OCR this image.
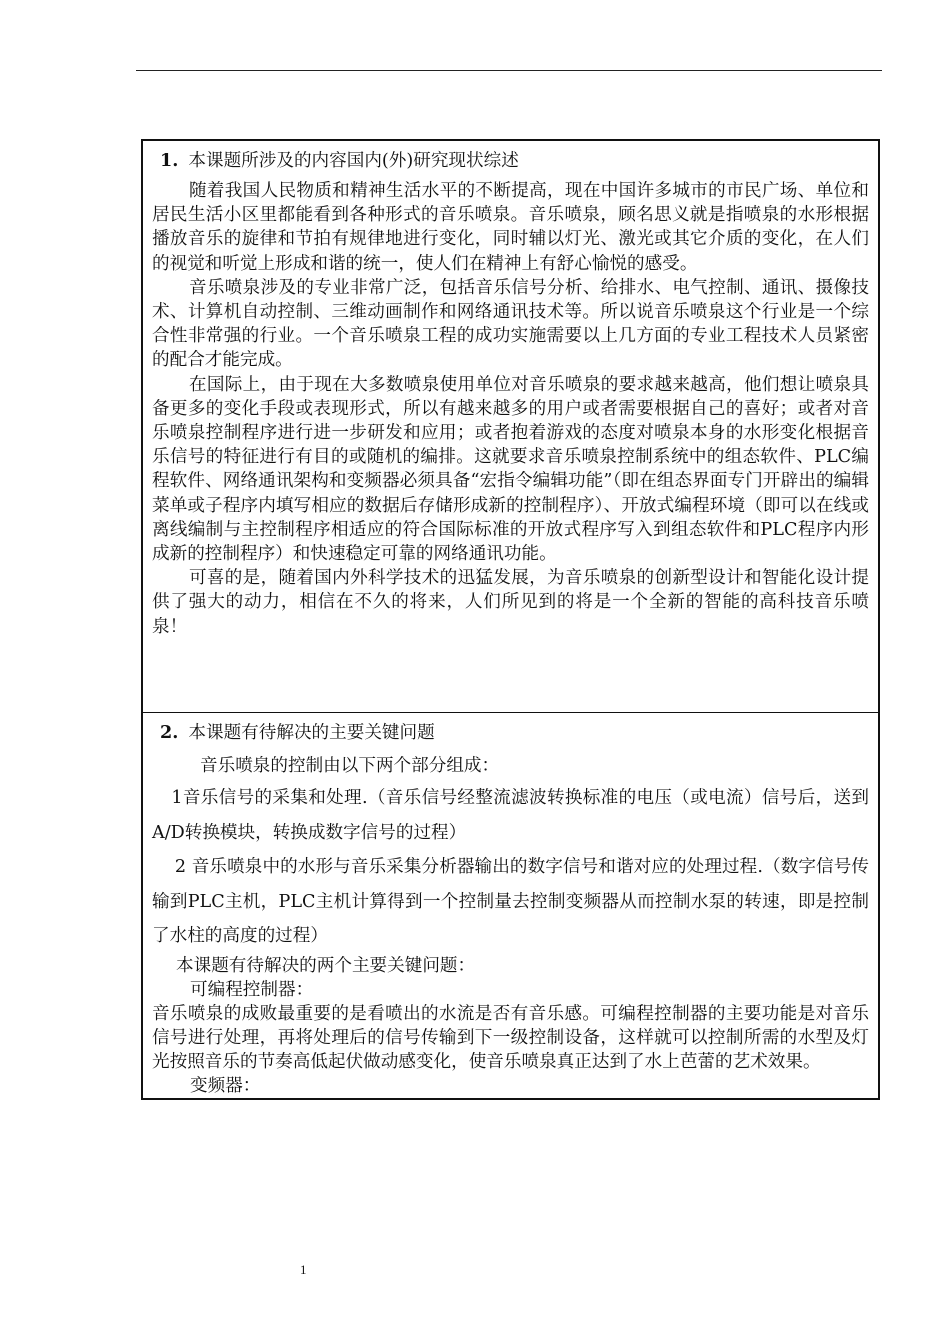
1. 本课题所涉及的内容国内(外)研究现状综述

随着我国人民物质和精神生活水平的不断提高，现在中国许多城市的市民广场、单位和居民生活小区里都能看到各种形式的音乐喷泉。音乐喷泉，顾名思义就是指喷泉的水形根据播放音乐的旋律和节拍有规律地进行变化，同时辅以灯光、激光或其它介质的变化，在人们的视觉和听觉上形成和谐的统一，使人们在精神上有舒心愉悦的感受。

音乐喷泉涉及的专业非常广泛，包括音乐信号分析、给排水、电气控制、通讯、摄像技术、计算机自动控制、三维动画制作和网络通讯技术等。所以说音乐喷泉这个行业是一个综合性非常强的行业。一个音乐喷泉工程的成功实施需要以上几方面的专业工程技术人员紧密的配合才能完成。

在国际上，由于现在大多数喷泉使用单位对音乐喷泉的要求越来越高，他们想让喷泉具备更多的变化手段或表现形式，所以有越来越多的用户或者需要根据自己的喜好；或者对音乐喷泉控制程序进行进一步研发和应用；或者抱着游戏的态度对喷泉本身的水形变化根据音乐信号的特征进行有目的或随机的编排。这就要求音乐喷泉控制系统中的组态软件、PLC编程软件、网络通讯架构和变频器必须具备“宏指令编辑功能”（即在组态界面专门开辟出的编辑菜单或子程序内填写相应的数据后存储形成新的控制程序）、开放式编程环境（即可以在线或离线编制与主控制程序相适应的符合国际标准的开放式程序写入到组态软件和PLC程序内形成新的控制程序）和快速稳定可靠的网络通讯功能。

可喜的是，随着国内外科学技术的迅猛发展，为音乐喷泉的创新型设计和智能化设计提供了强大的动力，相信在不久的将来，人们所见到的将是一个全新的智能的高科技音乐喷泉！

2. 本课题有待解决的主要关键问题

音乐喷泉的控制由以下两个部分组成：

1音乐信号的采集和处理.（音乐信号经整流滤波转换标准的电压（或电流）信号后，送到A/D转换模块，转换成数字信号的过程）

2 音乐喷泉中的水形与音乐采集分析器输出的数字信号和谐对应的处理过程.（数字信号传输到PLC主机，PLC主机计算得到一个控制量去控制变频器从而控制水泵的转速，即是控制了水柱的高度的过程）

本课题有待解决的两个主要关键问题：

可编程控制器：

音乐喷泉的成败最重要的是看喷出的水流是否有音乐感。可编程控制器的主要功能是对音乐信号进行处理，再将处理后的信号传输到下一级控制设备，这样就可以控制所需的水型及灯光按照音乐的节奏高低起伏做动感变化，使音乐喷泉真正达到了水上芭蕾的艺术效果。

变频器：

1
